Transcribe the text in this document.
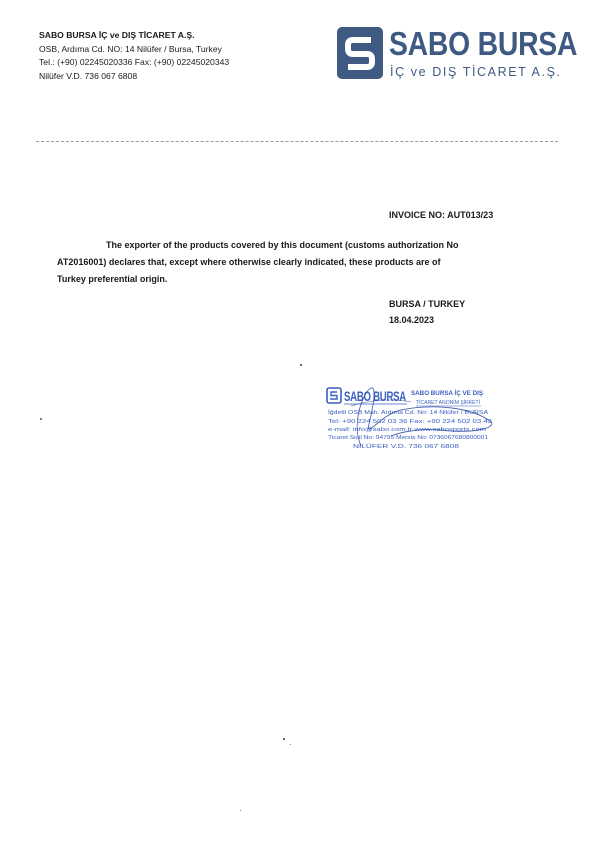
SABO BURSA İÇ ve DIŞ TİCARET A.Ş.
OSB, Ardıma Cd. NO: 14 Nilüfer / Bursa, Turkey
Tel.: (+90) 02245020336 Fax: (+90) 02245020343
Nilüfer V.D. 736 067 6808
SABO BURSA
İÇ ve DIŞ TİCARET A.Ş.
INVOICE NO: AUT013/23
The exporter of the products covered by this document (customs authorization No
AT2016001) declares that, except where otherwise clearly indicated, these products are of
Turkey preferential origin.
BURSA / TURKEY
18.04.2023
SABO BURSA SABO BURSA İÇ VE DIŞ
TİCARET ANONİM ŞİRKETİ
İğdetli OSB Mah. Ardıma Cd. No: 14 Nilüfer / BURSA
Tel: +90 224 502 03 36 Fax: +90 224 502 03 43
e-mail: info@sabo.com.tr www.sabosports.com
Ticaret Sicil No: 94795 Mersis No: 0736067680800001
NİLÜFER V.D. 736 067 6808
